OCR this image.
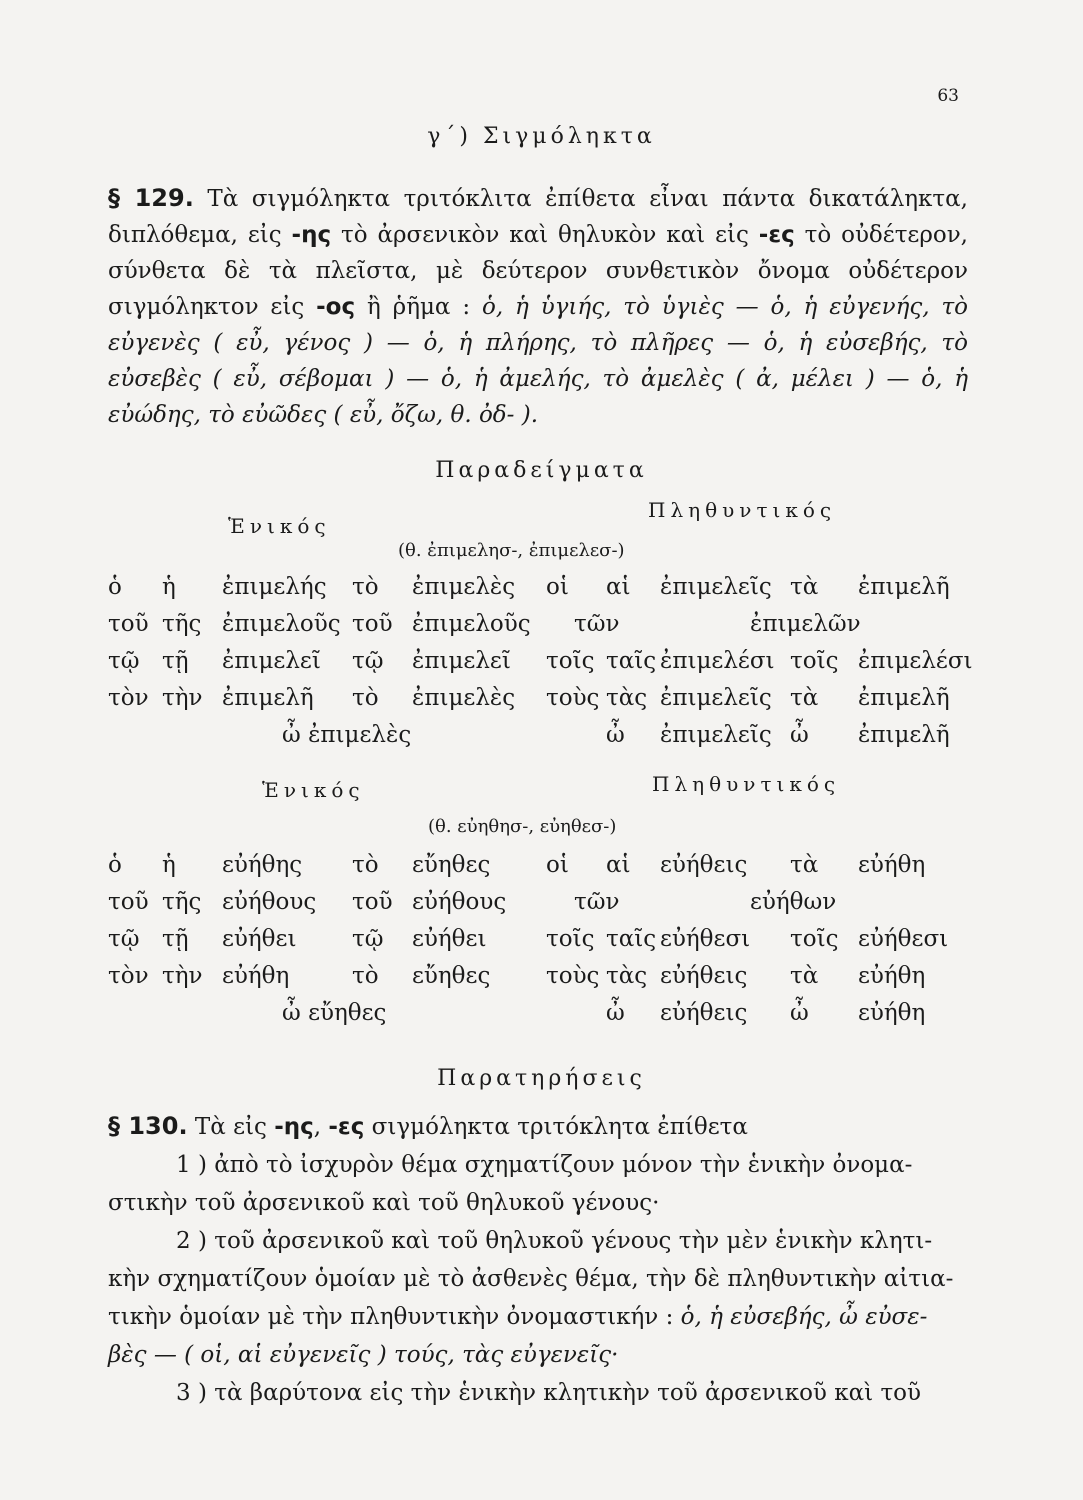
63
γ΄) Σιγμόληκτα
§ 129. Τὰ σιγμόληκτα τριτόκλιτα ἐπίθετα εἶναι πάντα δικατάληκτα, διπλόθεμα, εἰς -ης τὸ ἀρσενικὸν καὶ θηλυκὸν καὶ εἰς -ες τὸ οὐδέτερον, σύνθετα δὲ τὰ πλεῖστα, μὲ δεύτερον συνθετικὸν ὄνομα οὐδέτερον σιγμόληκτον εἰς -ος ἢ ῥῆμα : ὁ, ἡ ὑγιής, τὸ ὑγιὲς — ὁ, ἡ εὐγενής, τὸ εὐγενὲς ( εὖ, γένος ) — ὁ, ἡ πλήρης, τὸ πλῆρες — ὁ, ἡ εὐσεβής, τὸ εὐσεβὲς ( εὖ, σέβομαι ) — ὁ, ἡ ἀμελής, τὸ ἀμελὲς ( ἀ, μέλει ) — ὁ, ἡ εὐώδης, τὸ εὐῶδες ( εὖ, ὄζω, θ. ὀδ- ).
Παραδείγματα
Ἑνικός
Πληθυντικός
(θ. ἐπιμελησ-, ἐπιμελεσ-)
ὁ ἡ ἐπιμελής τὸ ἐπιμελὲς οἱ αἱ ἐπιμελεῖς τὰ ἐπιμελῆ
τοῦ τῆς ἐπιμελοῦς τοῦ ἐπιμελοῦς τῶν	ἐπιμελῶν
τῷ τῇ ἐπιμελεῖ τῷ ἐπιμελεῖ τοῖς ταῖς ἐπιμελέσι τοῖς ἐπιμελέσι
τὸν τὴν ἐπιμελῆ τὸ ἐπιμελὲς τοὺς τὰς ἐπιμελεῖς τὰ ἐπιμελῆ
ὦ ἐπιμελὲς	ὦ ἐπιμελεῖς ὦ ἐπιμελῆ
Ἑνικός	Πληθυντικός
(θ. εὐηθησ-, εὐηθεσ-)
ὁ ἡ εὐήθης τὸ εὔηθες οἱ αἱ εὐήθεις τὰ εὐήθη
τοῦ τῆς εὐήθους τοῦ εὐήθους	τῶν	εὐήθων
τῷ τῇ εὐήθει τῷ εὐήθει	τοῖς ταῖς εὐήθεσι τοῖς εὐήθεσι
τὸν τὴν εὐήθη	τὸ εὔηθες τοὺς τὰς εὐήθεις τὰ εὐήθη
ὦ εὔηθες	ὦ εὐήθεις ὦ εὐήθη
Παρατηρήσεις
§ 130. Τὰ εἰς -ης, -ες σιγμόληκτα τριτόκλητα ἐπίθετα
1 ) ἀπὸ τὸ ἰσχυρὸν θέμα σχηματίζουν μόνον τὴν ἑνικὴν ὀνομα-
στικὴν τοῦ ἀρσενικοῦ καὶ τοῦ θηλυκοῦ γένους·
2 ) τοῦ ἀρσενικοῦ καὶ τοῦ θηλυκοῦ γένους τὴν μὲν ἑνικὴν κλητι-
κὴν σχηματίζουν ὁμοίαν μὲ τὸ ἀσθενὲς θέμα, τὴν δὲ πληθυντικὴν αἰτια-
τικὴν ὁμοίαν μὲ τὴν πληθυντικὴν ὀνομαστικήν : ὁ, ἡ εὐσεβής, ὦ εὐσε-
βὲς — ( οἱ, αἱ εὐγενεῖς ) τούς, τὰς εὐγενεῖς·
3 ) τὰ βαρύτονα εἰς τὴν ἑνικὴν κλητικὴν τοῦ ἀρσενικοῦ καὶ τοῦ
